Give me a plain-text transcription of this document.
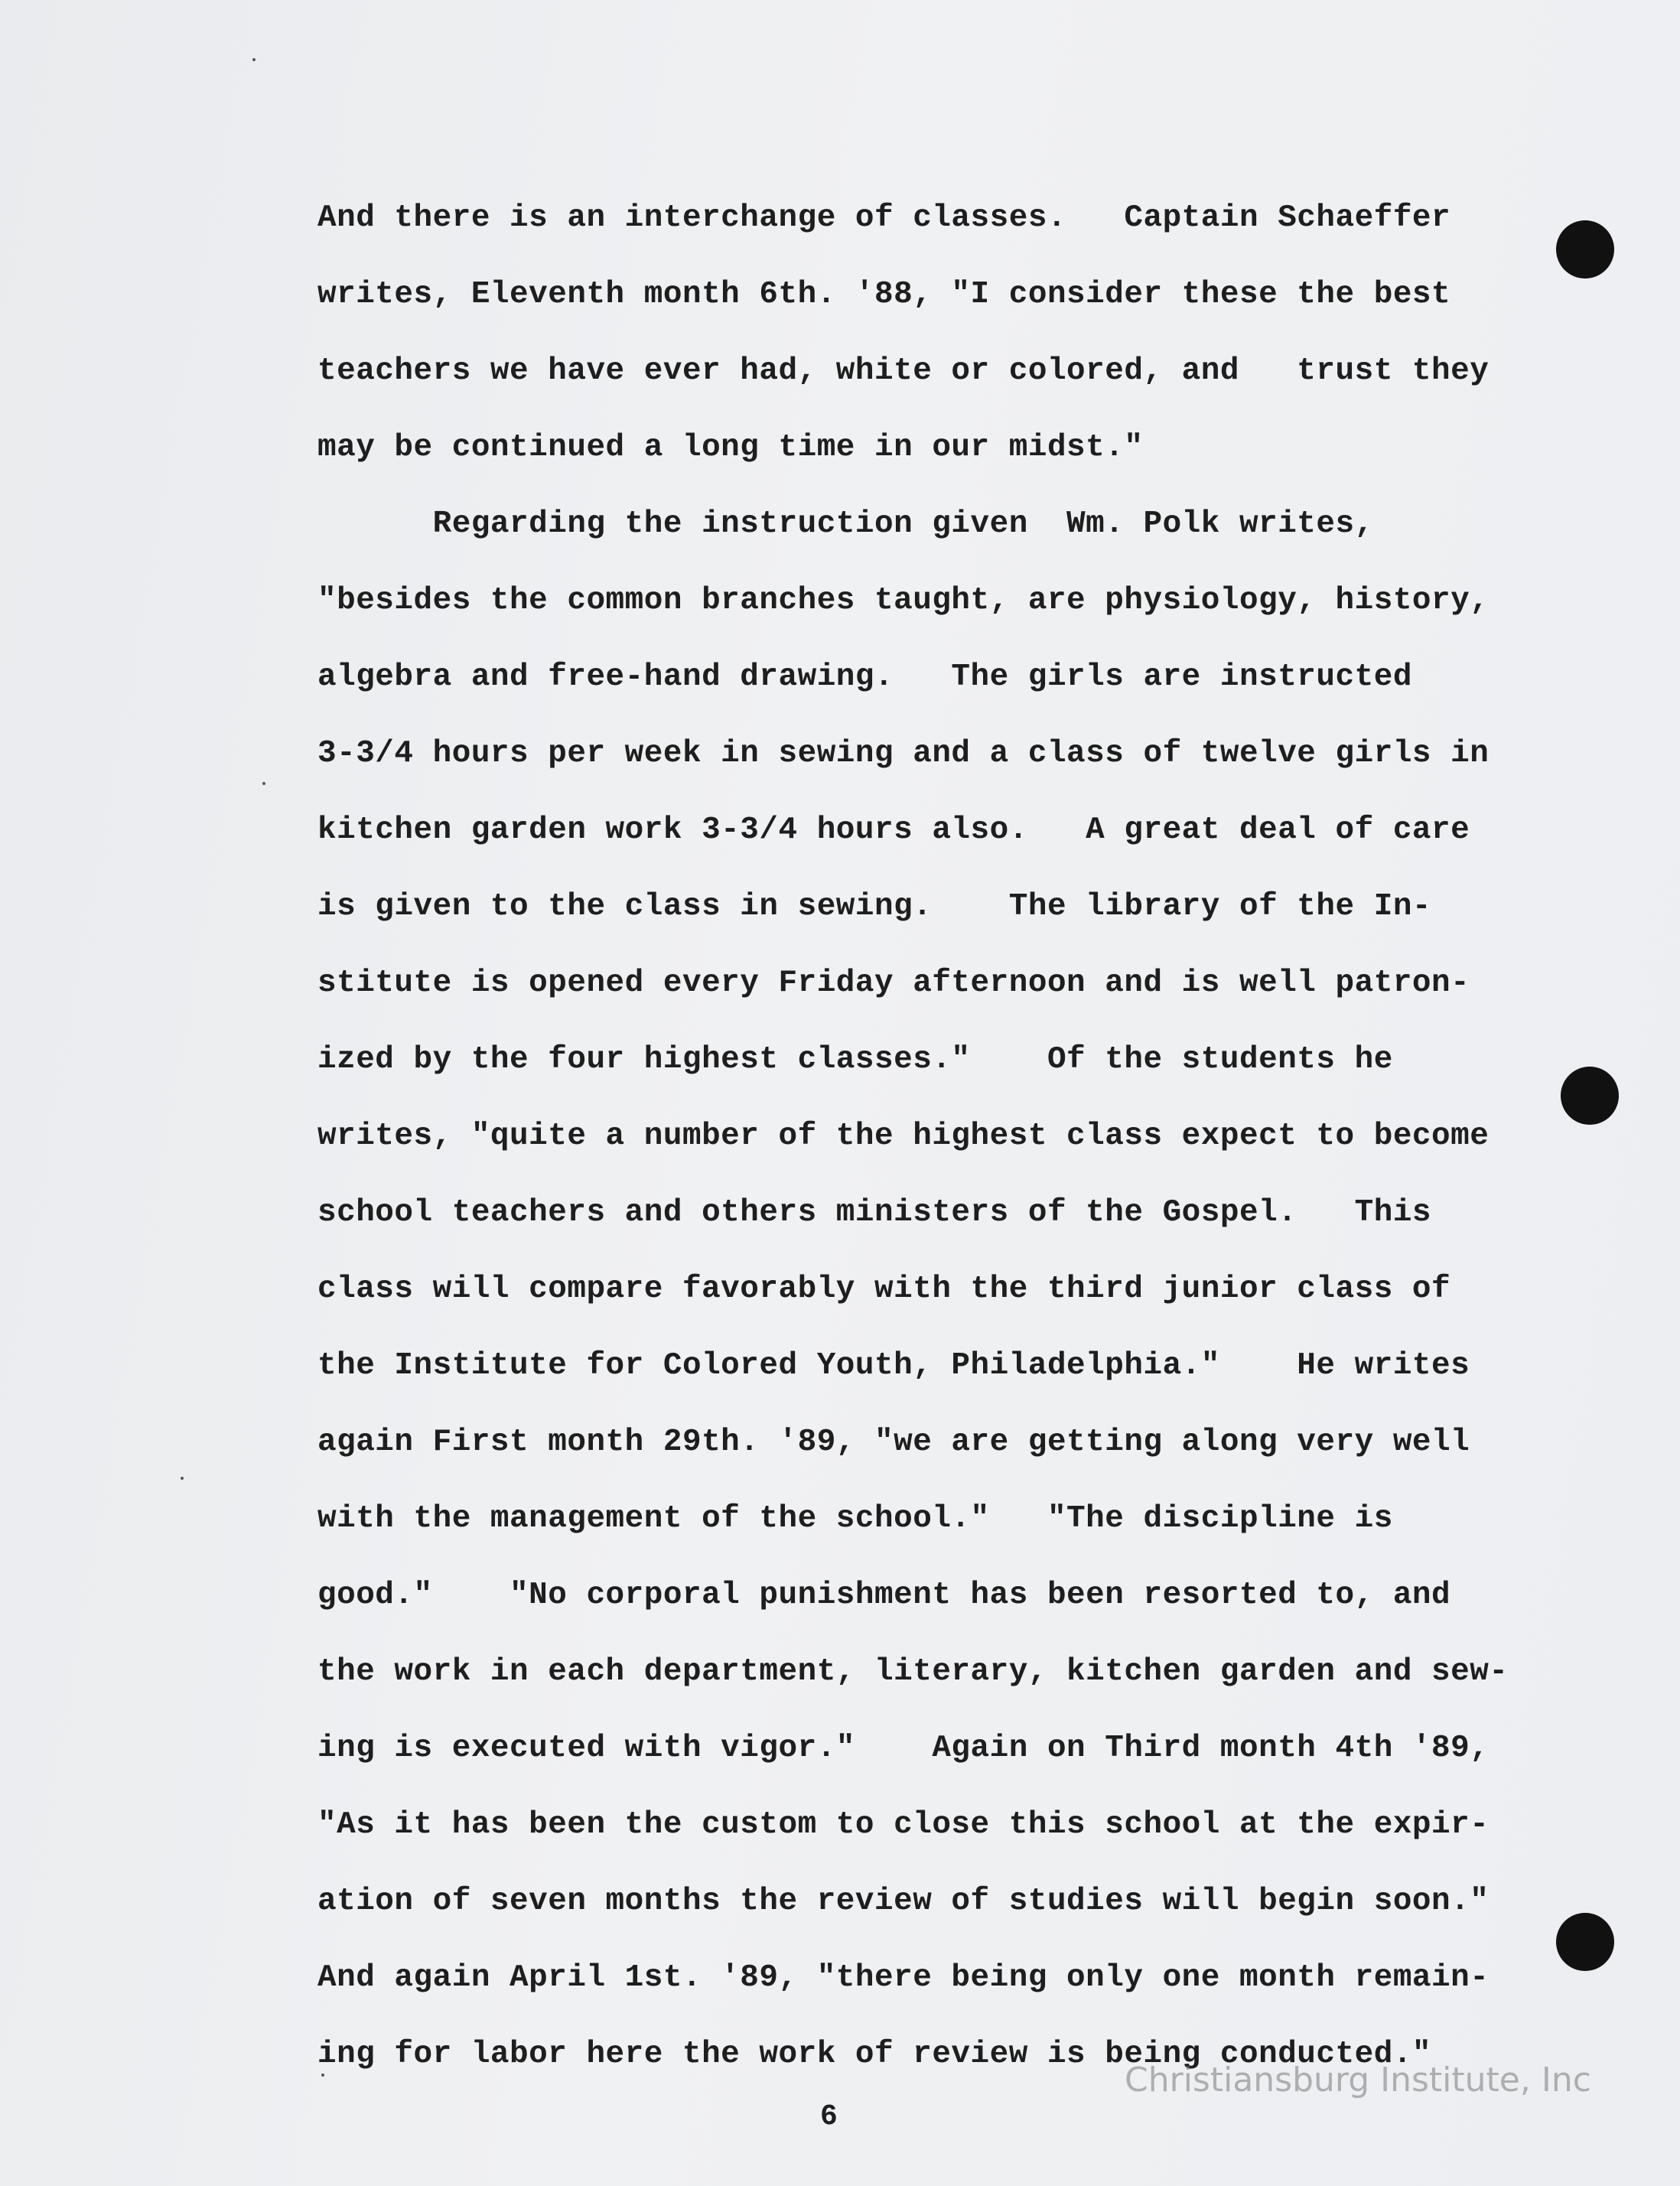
And there is an interchange of classes.   Captain Schaeffer
writes, Eleventh month 6th. '88, "I consider these the best
teachers we have ever had, white or colored, and   trust they
may be continued a long time in our midst."
Regarding the instruction given  Wm. Polk writes,
"besides the common branches taught, are physiology, history,
algebra and free-hand drawing.   The girls are instructed
3-3/4 hours per week in sewing and a class of twelve girls in
kitchen garden work 3-3/4 hours also.   A great deal of care
is given to the class in sewing.    The library of the In-
stitute is opened every Friday afternoon and is well patron-
ized by the four highest classes."    Of the students he
writes, "quite a number of the highest class expect to become
school teachers and others ministers of the Gospel.   This
class will compare favorably with the third junior class of
the Institute for Colored Youth, Philadelphia."    He writes
again First month 29th. '89, "we are getting along very well
with the management of the school."   "The discipline is
good."    "No corporal punishment has been resorted to, and
the work in each department, literary, kitchen garden and sew-
ing is executed with vigor."    Again on Third month 4th '89,
"As it has been the custom to close this school at the expir-
ation of seven months the review of studies will begin soon."
And again April 1st. '89, "there being only one month remain-
ing for labor here the work of review is being conducted."
6
Christiansburg Institute, Inc
